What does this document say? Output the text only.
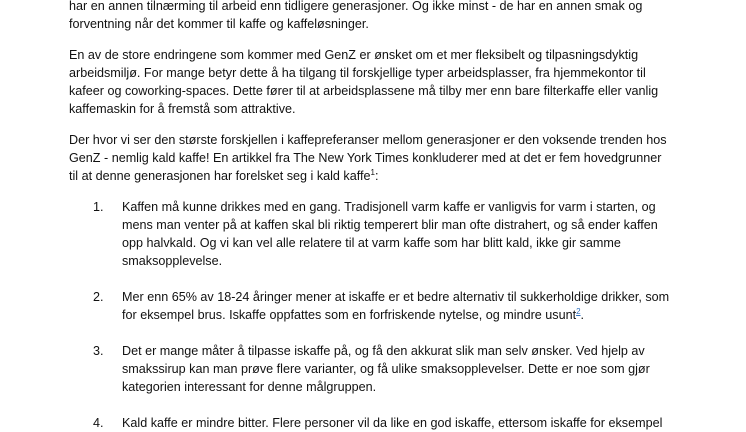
har en annen tilnærming til arbeid enn tidligere generasjoner. Og ikke minst - de har en annen smak og
forventning når det kommer til kaffe og kaffeløsninger.

En av de store endringene som kommer med GenZ er ønsket om et mer fleksibelt og tilpasningsdyktig
arbeidsmiljø. For mange betyr dette å ha tilgang til forskjellige typer arbeidsplasser, fra hjemmekontor til
kafeer og coworking-spaces. Dette fører til at arbeidsplassene må tilby mer enn bare filterkaffe eller vanlig
kaffemaskin for å fremstå som attraktive.

Der hvor vi ser den største forskjellen i kaffepreferanser mellom generasjoner er den voksende trenden hos
GenZ - nemlig kald kaffe! En artikkel fra The New York Times konkluderer med at det er fem hovedgrunner
til at denne generasjonen har forelsket seg i kald kaffe$^1$:

1.	Kaffen må kunne drikkes med en gang. Tradisjonell varm kaffe er vanligvis for varm i starten, og
mens man venter på at kaffen skal bli riktig temperert blir man ofte distrahert, og så ender kaffen
opp halvkald. Og vi kan vel alle relatere til at varm kaffe som har blitt kald, ikke gir samme
smaksopplevelse.
2.	Mer enn 65% av 18-24 åringer mener at iskaffe er et bedre alternativ til sukkerholdige drikker, som
for eksempel brus. Iskaffe oppfattes som en forfriskende nytelse, og mindre usunt$^2$.
3.	Det er mange måter å tilpasse iskaffe på, og få den akkurat slik man selv ønsker. Ved hjelp av
smakssirup kan man prøve flere varianter, og få ulike smaksopplevelser. Dette er noe som gjør
kategorien interessant for denne målgruppen.
4.	Kald kaffe er mindre bitter. Flere personer vil da like en god iskaffe, ettersom iskaffe for eksempel
